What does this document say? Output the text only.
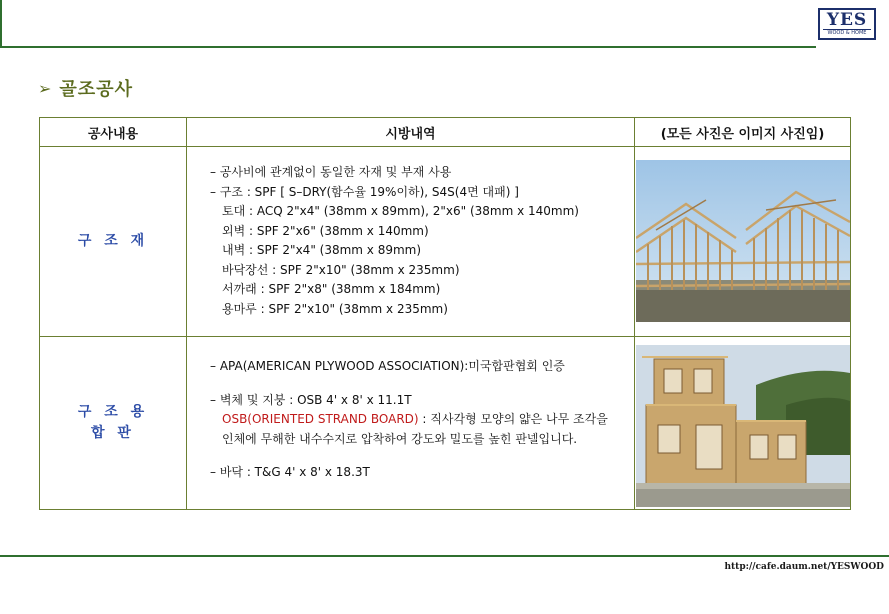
YES
WOOD & HOME
➢ 골조공사
공사내용	시방내역	(모든 사진은 이미지 사진임)
구 조 재
– 공사비에 관계없이 동일한 자재 및 부재 사용
– 구조 : SPF [ S–DRY(함수율 19%이하), S4S(4면 대패) ]
토대 : ACQ 2"x4" (38mm x 89mm), 2"x6" (38mm x 140mm)
외벽 : SPF 2"x6" (38mm x 140mm)
내벽 : SPF 2"x4" (38mm x 89mm)
바닥장선 : SPF 2"x10" (38mm x 235mm)
서까래 : SPF 2"x8" (38mm x 184mm)
용마루 : SPF 2"x10" (38mm x 235mm)
구 조 용
합 판
– APA(AMERICAN PLYWOOD ASSOCIATION):미국합판협회 인증
– 벽체 및 지붕 : OSB 4' x 8' x 11.1T
OSB(ORIENTED STRAND BOARD) : 직사각형 모양의 얇은 나무 조각을
인체에 무해한 내수수지로 압착하여 강도와 밀도를 높힌 판넬입니다.
– 바닥 : T&G 4' x 8' x 18.3T
http://cafe.daum.net/YESWOOD
